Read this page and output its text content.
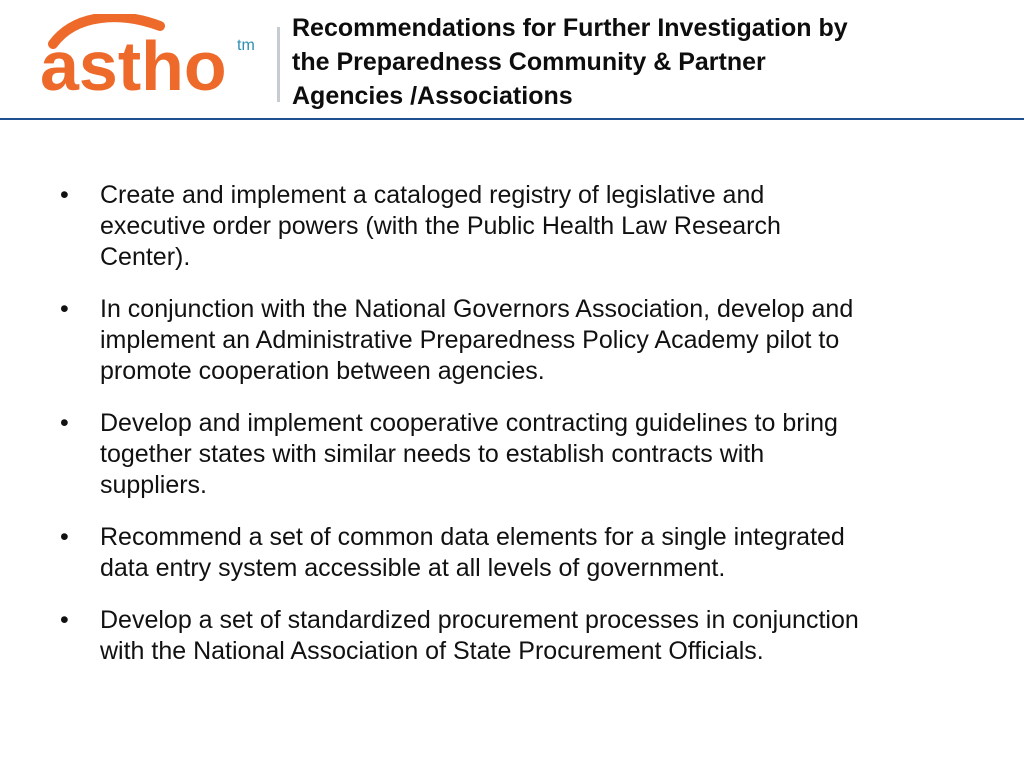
astho tm
Recommendations for Further Investigation by
the Preparedness Community & Partner
Agencies /Associations
•	Create and implement a cataloged registry of legislative and
executive order powers (with the Public Health Law Research
Center).
•	In conjunction with the National Governors Association, develop and
implement an Administrative Preparedness Policy Academy pilot to
promote cooperation between agencies.
•	Develop and implement cooperative contracting guidelines to bring
together states with similar needs to establish contracts with
suppliers.
•	Recommend a set of common data elements for a single integrated
data entry system accessible at all levels of government.
•	Develop a set of standardized procurement processes in conjunction
with the National Association of State Procurement Officials.
